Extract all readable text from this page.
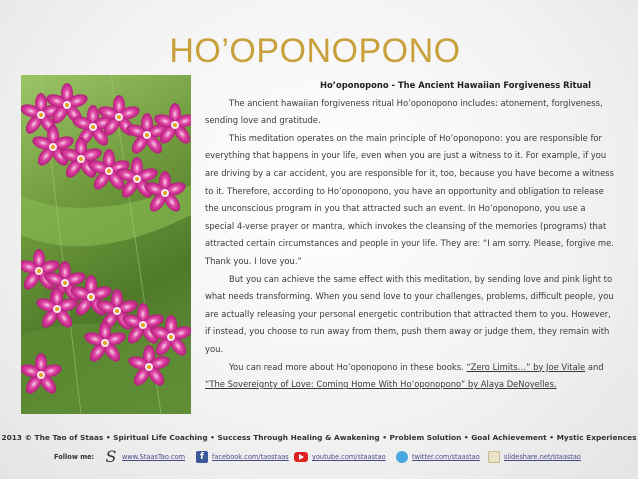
HO’OPONOPONO
Ho’oponopono - The Ancient Hawaiian Forgiveness Ritual

The ancient hawaiian forgiveness ritual Ho’oponopono includes: atonement, forgiveness, sending love and gratitude.

This meditation operates on the main principle of Ho’oponopono: you are responsible for everything that happens in your life, even when you are just a witness to it. For example, if you are driving by a car accident, you are responsible for it, too, because you have become a witness to it. Therefore, according to Ho’oponopono, you have an opportunity and obligation to release the unconscious program in you that attracted such an event. In Ho’oponopono, you use a special 4-verse prayer or mantra, which invokes the cleansing of the memories (programs) that attracted certain circumstances and people in your life. They are: “I am sorry. Please, forgive me. Thank you. I love you.”

But you can achieve the same effect with this meditation, by sending love and pink light to what needs transforming. When you send love to your challenges, problems, difficult people, you are actually releasing your personal energetic contribution that attracted them to you. However, if instead, you choose to run away from them, push them away or judge them, they remain with you.

You can read more about Ho’oponopono in these books. “Zero Limits…” by Joe Vitale and “The Sovereignty of Love: Coming Home With Ho’oponopono” by Alaya DeNoyelles.

2013 © The Tao of Staas • Spiritual Life Coaching • Success Through Healing & Awakening • Problem Solution • Goal Achievement • Mystic Experiences
Follow me: S www.StaasTao.com	f	facebook.com/taostaas	youtube.com/staastao	twitter.com/staastao	slideshare.net/staastao
